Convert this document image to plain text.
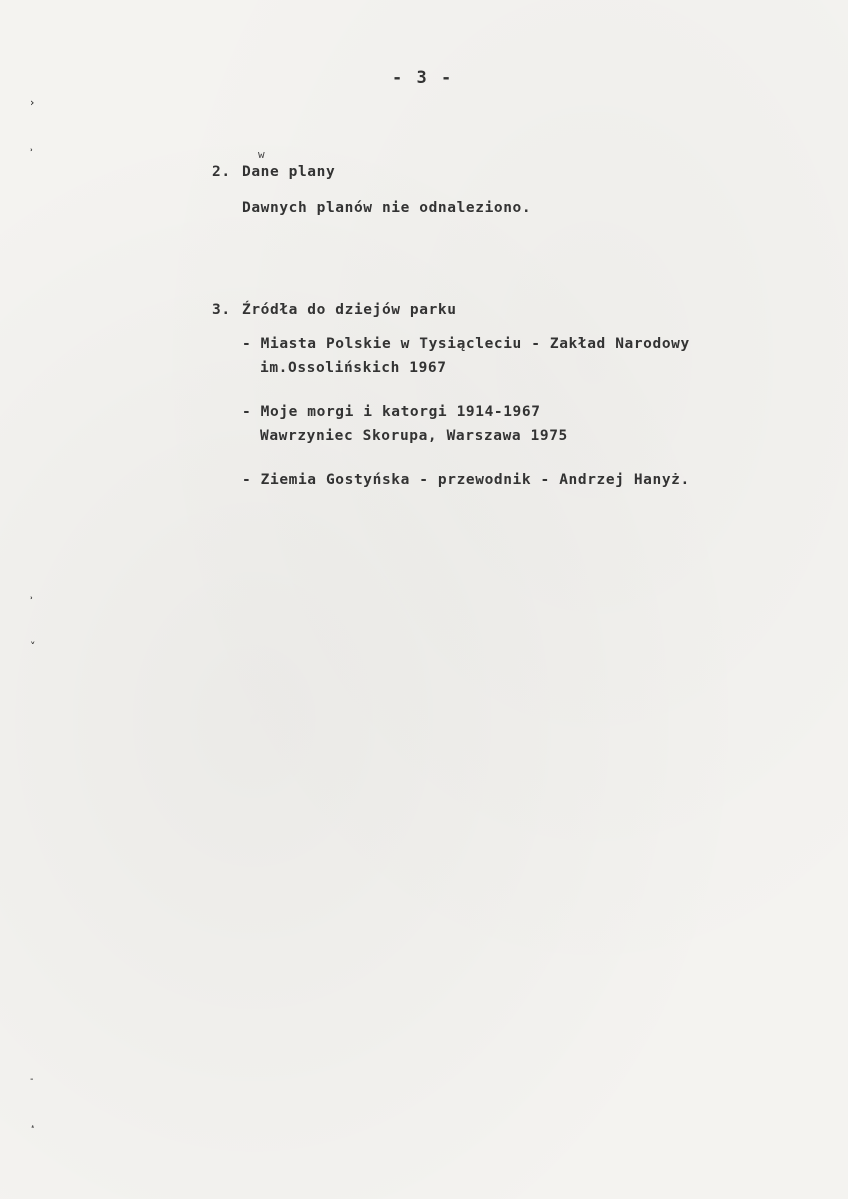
›
˒
˒
˅
˗
˔
- 3 -
w
2. Dane plany
Dawnych planów nie odnaleziono.
3. Źródła do dziejów parku
- Miasta Polskie w Tysiącleciu - Zakład Narodowy
im.Ossolińskich 1967
- Moje morgi i katorgi 1914-1967
Wawrzyniec Skorupa, Warszawa 1975
- Ziemia Gostyńska - przewodnik - Andrzej Hanyż.
